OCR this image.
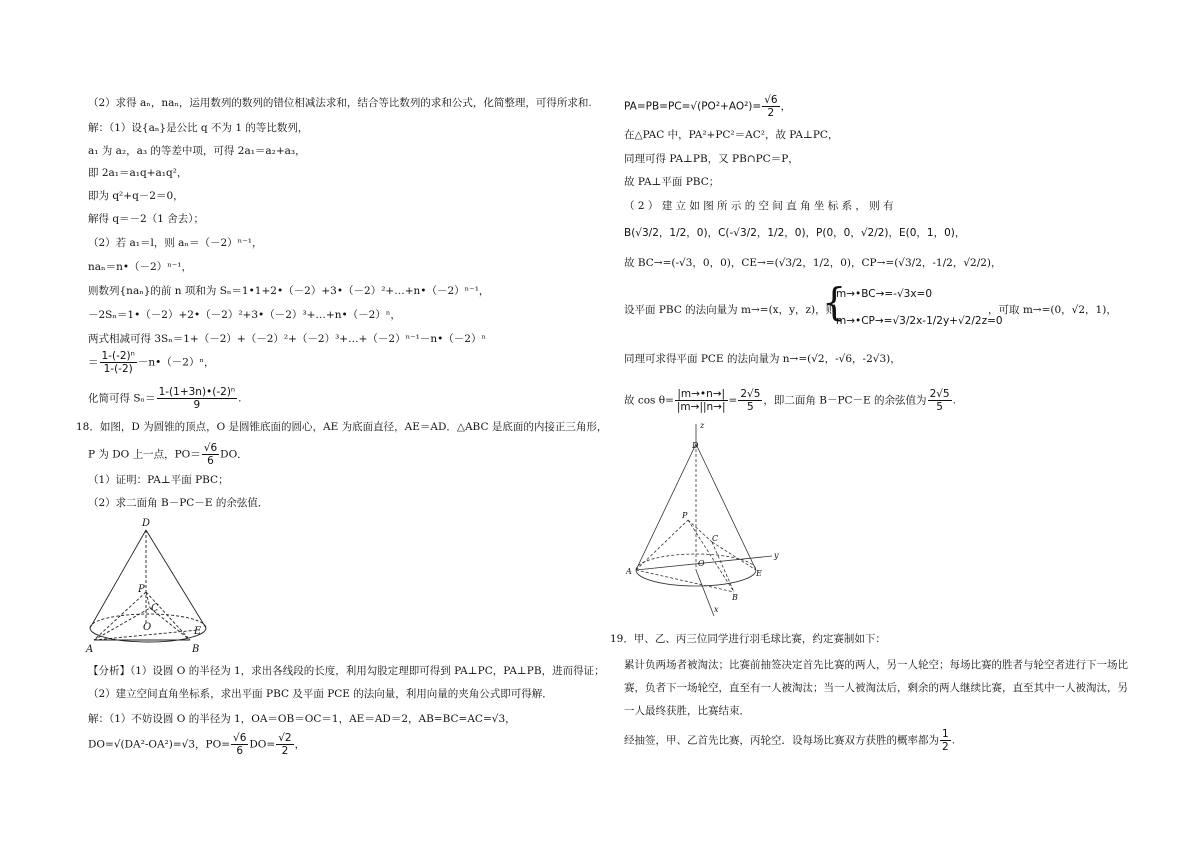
（2）求得 aₙ，naₙ，运用数列的数列的错位相减法求和，结合等比数列的求和公式，化简整理，可得所求和.
解：（1）设{aₙ}是公比 q 不为 1 的等比数列，
a₁ 为 a₂，a₃ 的等差中项，可得 2a₁＝a₂+a₃，
即 2a₁＝a₁q+a₁q²，
即为 q²+q－2＝0，
解得 q＝－2（1 舍去）；
（2）若 a₁＝l，则 aₙ＝（－2）ⁿ⁻¹，
naₙ＝n•（－2）ⁿ⁻¹，
则数列{naₙ}的前 n 项和为 Sₙ＝1•1+2•（－2）+3•（－2）²+…+n•（－2）ⁿ⁻¹，
－2Sₙ＝1•（－2）+2•（－2）²+3•（－2）³+…+n•（－2）ⁿ，
两式相减可得 3Sₙ＝1+（－2）+（－2）²+（－2）³+…+（－2）ⁿ⁻¹－n•（－2）ⁿ
＝ $\frac{\text{1-(-2)ⁿ}}{1-(-2)}$ －n•（－2）ⁿ，
化简可得 $S_n= \frac{\text{1-(1+3n)•(-2)ⁿ}}{9}$ .
18．如图，D 为圆锥的顶点，O 是圆锥底面的圆心，AE 为底面直径，AE＝AD．△ABC 是底面的内接正三角形，
P 为 DO 上一点，$PO= \frac{√6}{6}$ DO．
（1）证明：PA⊥平面 PBC；
（2）求二面角 B－PC－E 的余弦值．
D
P
C
O	E
A	B
【分析】（1）设圆 O 的半径为 1，求出各线段的长度，利用勾股定理即可得到 PA⊥PC，PA⊥PB，进而得证；
（2）建立空间直角坐标系，求出平面 PBC 及平面 PCE 的法向量，利用向量的夹角公式即可得解．
解：（1）不妨设圆 O 的半径为 1，OA＝OB＝OC＝1，AE＝AD＝2，AB=BC=AC=√3，
DO=√(DA²-OA²)=√3，$PO= \frac{√6}{6} DO= \frac{√2}{2}$ ，
$PA=PB=PC=√(PO^2+AO^2)= \frac{√6}{2}$ ，
在△PAC 中，PA²+PC²＝AC²，故 PA⊥PC，
同理可得 PA⊥PB，又 PB∩PC＝P，
故 PA⊥平面 PBC；
（ 2 ） 建 立 如 图 所 示 的 空 间 直 角 坐 标 系 ， 则 有
B(√3/2，1/2，0)，C(-√3/2，1/2，0)，P(0，0，√2/2)，E(0，1，0)，
故 BC→=(-√3，0，0)，CE→=(√3/2，1/2，0)，CP→=(√3/2，-1/2，√2/2)，
设平面 PBC 的法向量为 m→=(x，y，z)，则
{
m→•BC→=-√3x=0
m→•CP→=√3/2x-1/2y+√2/2z=0
，可取 m→=(0，√2，1)，
同理可求得平面 PCE 的法向量为 n→=(√2，-√6，-2√3)，
故 $\cos \theta= \frac{|m\to•n\to|}{|m\to||n\to|} = \frac{2√5}{5}$ ，即二面角 B－PC－E 的余弦值为 $\frac{2√5}{5}$ .
z
D
P
C
O
E
A
B
x
y
19．甲、乙、丙三位同学进行羽毛球比赛，约定赛制如下：
累计负两场者被淘汰；比赛前抽签决定首先比赛的两人，另一人轮空；每场比赛的胜者与轮空者进行下一场比
赛，负者下一场轮空，直至有一人被淘汰；当一人被淘汰后，剩余的两人继续比赛，直至其中一人被淘汰，另
一人最终获胜，比赛结束．
经抽签，甲、乙首先比赛，丙轮空．设每场比赛双方获胜的概率都为 $\frac{1}{2}$ .
